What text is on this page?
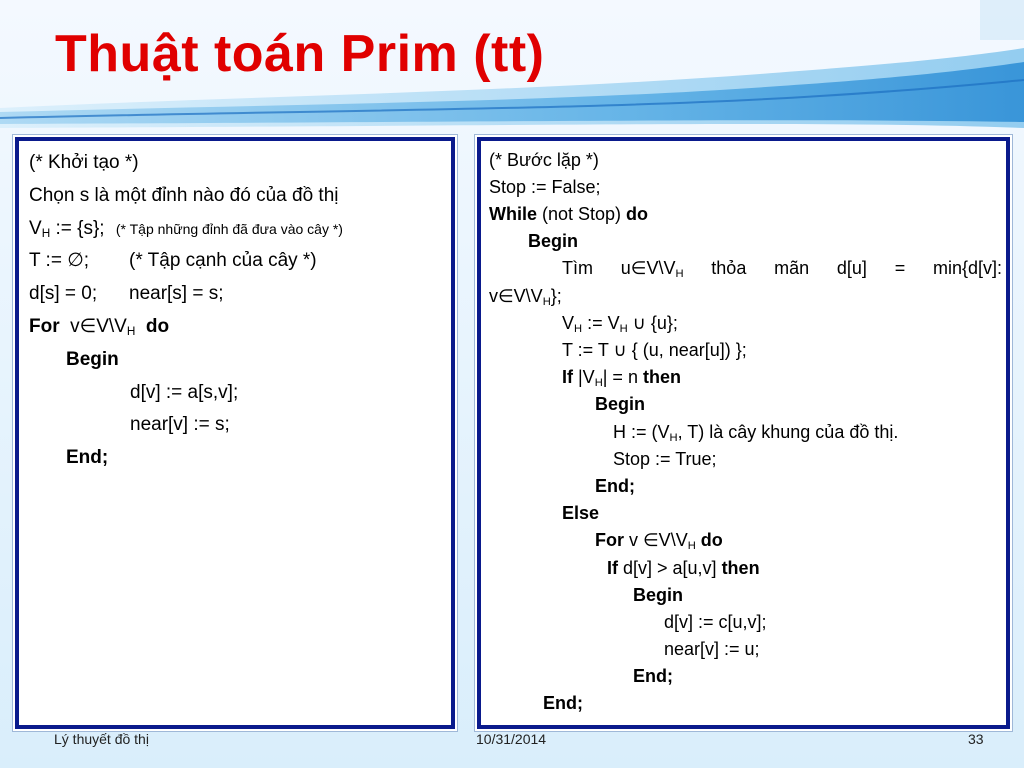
Thuật toán Prim (tt)
(* Khởi tạo *)
Chọn s là một đỉnh nào đó của đồ thị
$V_H$ := {s}; (* Tập những đỉnh đã đưa vào cây *)
T := ∅; (* Tập cạnh của cây *)
d[s] = 0; near[s] = s;
For $v\in V\backslash V_H$ do
Begin
d[v] := a[s,v];
near[v] := s;
End;
(* Bước lặp *)
Stop := False;
While (not Stop) do
Begin
Tìm $u\in V\backslash V_H$ thỏa mãn d[u] = min{d[v]:
$v\in V\backslash V_H$};
$V_H$ := $V_H$ ∪ {u};
T := T ∪ { (u, near[u]) };
If $|V_H| = n$ then
Begin
H := ($V_H$, T) là cây khung của đồ thị.
Stop := True;
End;
Else
For v $\in V\backslash V_H$ do
If d[v] > a[u,v] then
Begin
d[v] := c[u,v];
near[v] := u;
End;
End;
Lý thuyết đồ thị	10/31/2014	33
